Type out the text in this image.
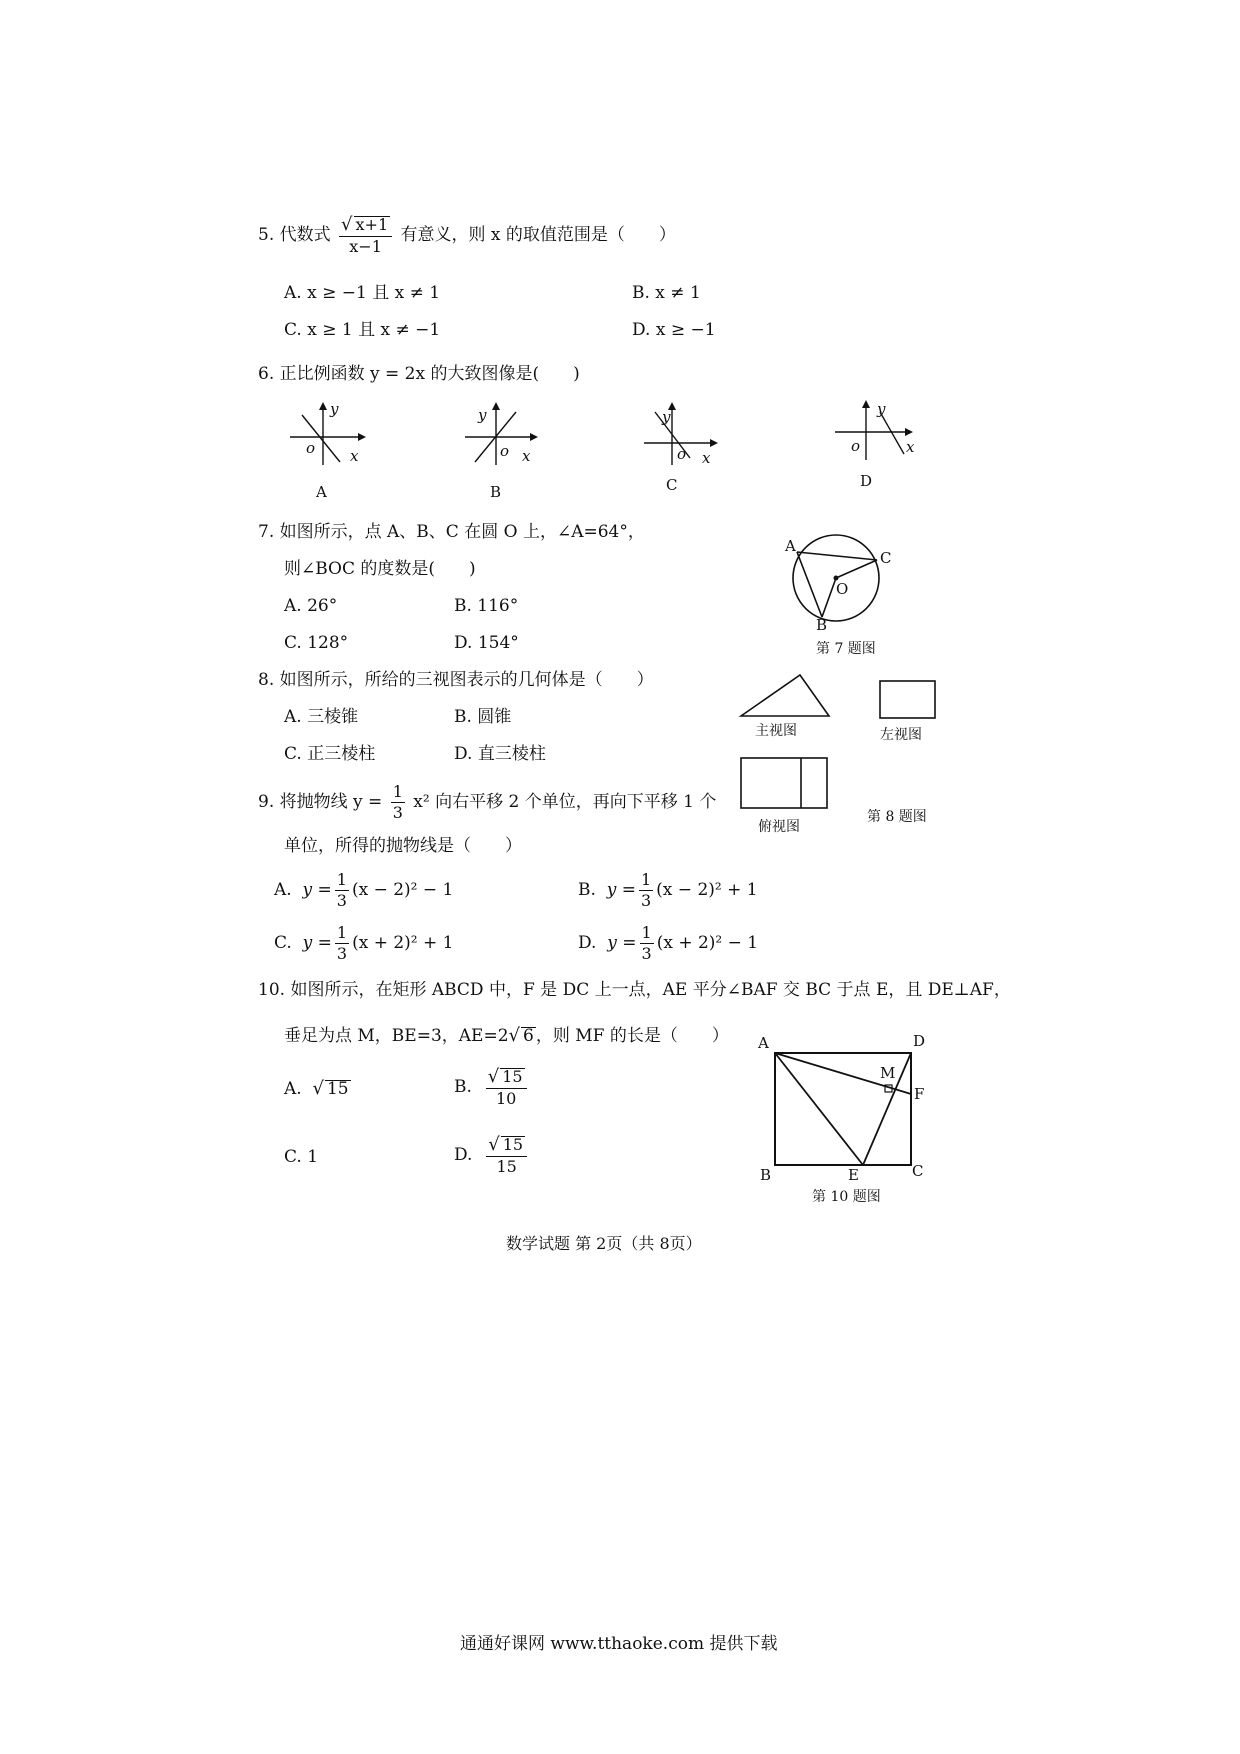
5. 代数式 $\frac{√ x+1}{x-1}$ 有意义，则 x 的取值范围是（　　）
A. x ≥ −1 且 x ≠ 1	B. x ≠ 1
C. x ≥ 1 且 x ≠ −1	D. x ≥ −1
6. 正比例函数 y = 2x 的大致图像是(　　)
y
x
o
A
y
x
o
B
y
x
o
C
y
x
o
D
7. 如图所示，点 A、B、C 在圆 O 上，∠A=64°，
则∠BOC 的度数是(　　)
A. 26°	B. 116°
C. 128°	D. 154°
A
C
O
B
第 7 题图
8. 如图所示，所给的三视图表示的几何体是（　　）
A. 三棱锥	B. 圆锥
C. 正三棱柱	D. 直三棱柱
主视图	左视图
俯视图
第 8 题图
9. 将抛物线 $y = \frac{1}{3} x^2$ 向右平移 2 个单位，再向下平移 1 个
单位，所得的抛物线是（　　）
A. $y = \frac{1}{3} (x - 2)^2 - 1$	B. $y = \frac{1}{3} (x - 2)^2 + 1$
C. $y = \frac{1}{3} (x + 2)^2 + 1$	D. $y = \frac{1}{3} (x + 2)^2 - 1$
10. 如图所示，在矩形 ABCD 中，F 是 DC 上一点，AE 平分∠BAF 交 BC 于点 E，且 DE⊥AF，
垂足为点 M，BE=3，AE=2√ 6 ，则 MF 的长是（　　）
A. √ 15	B. $\frac{√ 15}{10}$
C. 1	D. $\frac{√ 15}{15}$
A	D
M
F
B	E	C
第 10 题图
数学试题 第 2页（共 8页）
通通好课网 www.tthaoke.com 提供下载
